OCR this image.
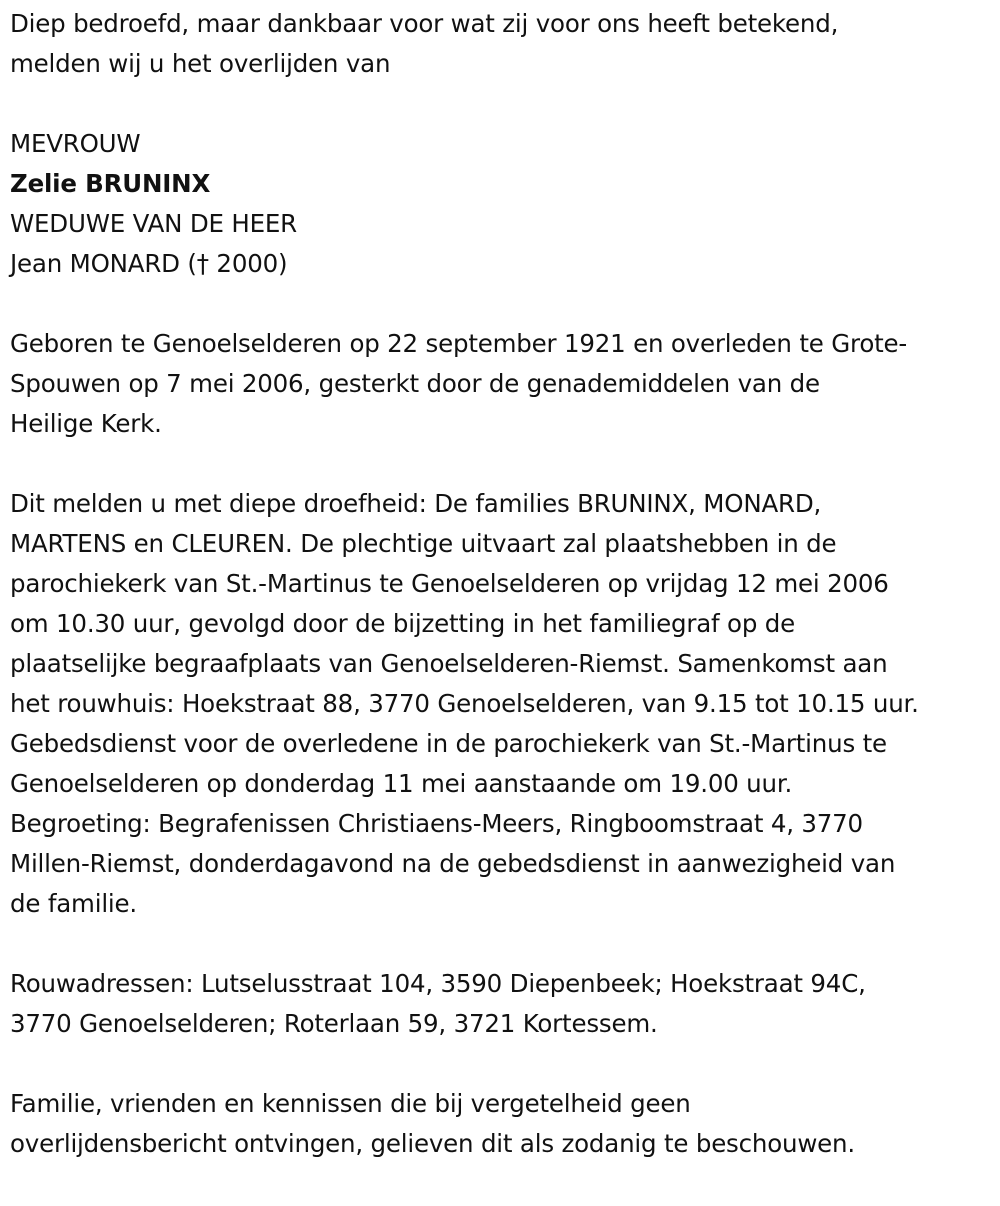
Diep bedroefd, maar dankbaar voor wat zij voor ons heeft betekend,
melden wij u het overlijden van
MEVROUW
Zelie BRUNINX
WEDUWE VAN DE HEER
Jean MONARD († 2000)
Geboren te Genoelselderen op 22 september 1921 en overleden te Grote-
Spouwen op 7 mei 2006, gesterkt door de genademiddelen van de
Heilige Kerk.
Dit melden u met diepe droefheid: De families BRUNINX, MONARD,
MARTENS en CLEUREN. De plechtige uitvaart zal plaatshebben in de
parochiekerk van St.-Martinus te Genoelselderen op vrijdag 12 mei 2006
om 10.30 uur, gevolgd door de bijzetting in het familiegraf op de
plaatselijke begraafplaats van Genoelselderen-Riemst. Samenkomst aan
het rouwhuis: Hoekstraat 88, 3770 Genoelselderen, van 9.15 tot 10.15 uur.
Gebedsdienst voor de overledene in de parochiekerk van St.-Martinus te
Genoelselderen op donderdag 11 mei aanstaande om 19.00 uur.
Begroeting: Begrafenissen Christiaens-Meers, Ringboomstraat 4, 3770
Millen-Riemst, donderdagavond na de gebedsdienst in aanwezigheid van
de familie.
Rouwadressen: Lutselusstraat 104, 3590 Diepenbeek; Hoekstraat 94C,
3770 Genoelselderen; Roterlaan 59, 3721 Kortessem.
Familie, vrienden en kennissen die bij vergetelheid geen
overlijdensbericht ontvingen, gelieven dit als zodanig te beschouwen.
